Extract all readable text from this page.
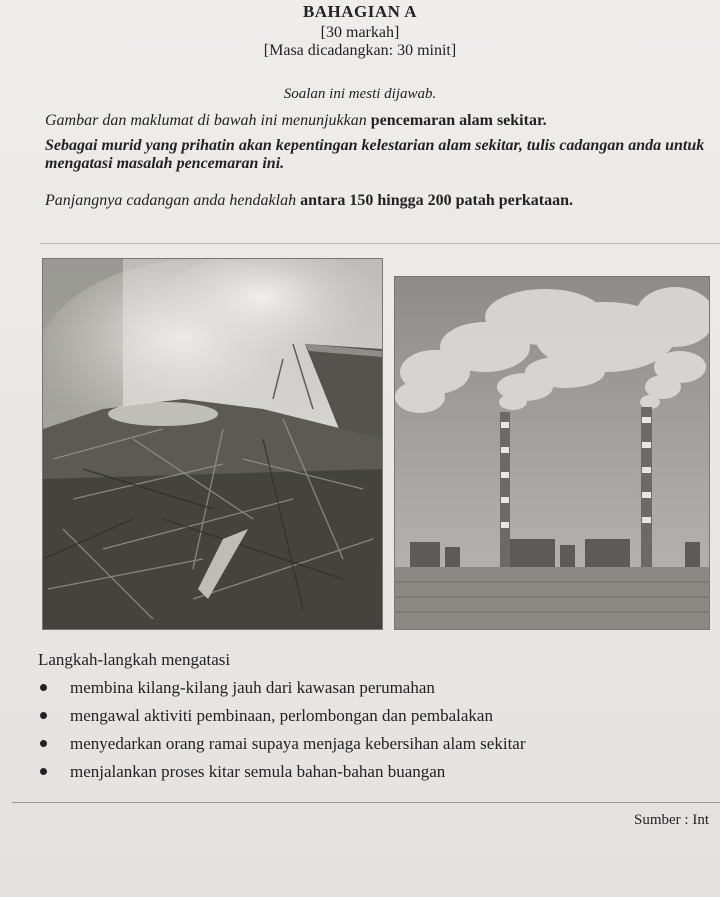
BAHAGIAN A
[30 markah]
[Masa dicadangkan: 30 minit]
Soalan ini mesti dijawab.
Gambar dan maklumat di bawah ini menunjukkan pencemaran alam sekitar.
Sebagai murid yang prihatin akan kepentingan kelestarian alam sekitar, tulis cadangan anda untuk mengatasi masalah pencemaran ini.
Panjangnya cadangan anda hendaklah antara 150 hingga 200 patah perkataan.
Langkah-langkah mengatasi
membina kilang-kilang jauh dari kawasan perumahan
mengawal aktiviti pembinaan, perlombongan dan pembalakan
menyedarkan orang ramai supaya menjaga kebersihan alam sekitar
menjalankan proses kitar semula bahan-bahan buangan
Sumber : Int
